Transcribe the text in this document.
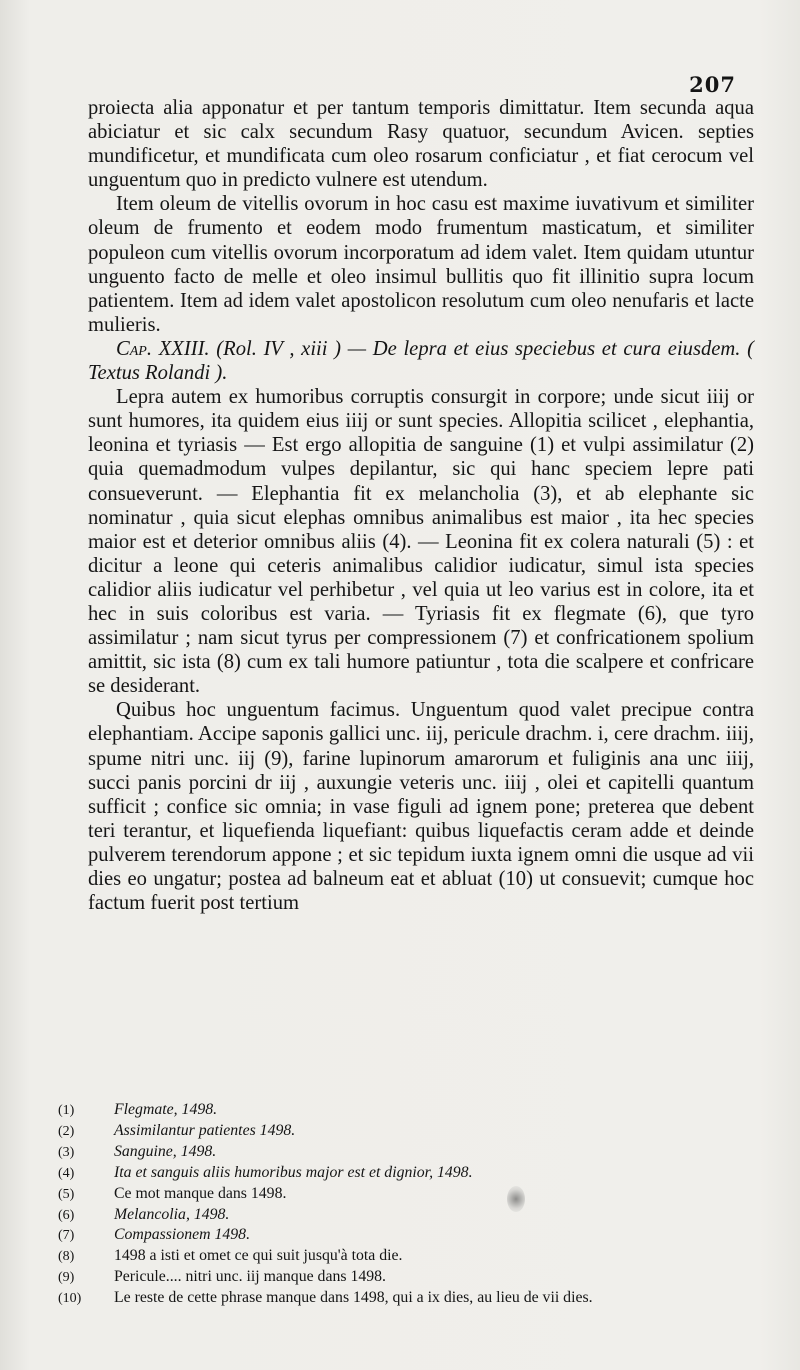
207

proiecta alia apponatur et per tantum temporis dimittatur. Item secunda aqua abiciatur et sic calx secundum Rasy quatuor, secundum Avicen. septies mundificetur, et mundificata cum oleo rosarum conficiatur , et fiat cerocum vel unguentum quo in predicto vulnere est utendum.

Item oleum de vitellis ovorum in hoc casu est maxime iuvativum et similiter oleum de frumento et eodem modo frumentum masticatum, et similiter populeon cum vitellis ovorum incorporatum ad idem valet. Item quidam utuntur unguento facto de melle et oleo insimul bullitis quo fit illinitio supra locum patientem. Item ad idem valet apostolicon resolutum cum oleo nenufaris et lacte mulieris.

Cap. XXIII. (Rol. IV , xiii ) — De lepra et eius speciebus et cura eiusdem. ( Textus Rolandi ).

Lepra autem ex humoribus corruptis consurgit in corpore; unde sicut iiij or sunt humores, ita quidem eius iiij or sunt species. Allopitia scilicet , elephantia, leonina et tyriasis — Est ergo allopitia de sanguine (1) et vulpi assimilatur (2) quia quemadmodum vulpes depilantur, sic qui hanc speciem lepre pati consueverunt. — Elephantia fit ex melancholia (3), et ab elephante sic nominatur , quia sicut elephas omnibus animalibus est maior , ita hec species maior est et deterior omnibus aliis (4). — Leonina fit ex colera naturali (5) : et dicitur a leone qui ceteris animalibus calidior iudicatur, simul ista species calidior aliis iudicatur vel perhibetur , vel quia ut leo varius est in colore, ita et hec in suis coloribus est varia. — Tyriasis fit ex flegmate (6), que tyro assimilatur ; nam sicut tyrus per compressionem (7) et confricationem spolium amittit, sic ista (8) cum ex tali humore patiuntur , tota die scalpere et confricare se desiderant.

Quibus hoc unguentum facimus. Unguentum quod valet precipue contra elephantiam. Accipe saponis gallici unc. iij, pericule drachm. i, cere drachm. iiij, spume nitri unc. iij (9), farine lupinorum amarorum et fuliginis ana unc iiij, succi panis porcini dr iij , auxungie veteris unc. iiij , olei et capitelli quantum sufficit ; confice sic omnia; in vase figuli ad ignem pone; preterea que debent teri terantur, et liquefienda liquefiant: quibus liquefactis ceram adde et deinde pulverem terendorum appone ; et sic tepidum iuxta ignem omni die usque ad vii dies eo ungatur; postea ad balneum eat et abluat (10) ut consuevit; cumque hoc factum fuerit post tertium

(1)	Flegmate, 1498.
(2)	Assimilantur patientes 1498.
(3)	Sanguine, 1498.
(4)	Ita et sanguis aliis humoribus major est et dignior, 1498.
(5)	Ce mot manque dans 1498.
(6)	Melancolia, 1498.
(7)	Compassionem 1498.
(8)	1498 a isti et omet ce qui suit jusqu'à tota die.
(9)	Pericule.... nitri unc. iij manque dans 1498.
(10) Le reste de cette phrase manque dans 1498, qui a ix dies, au lieu de vii dies.
